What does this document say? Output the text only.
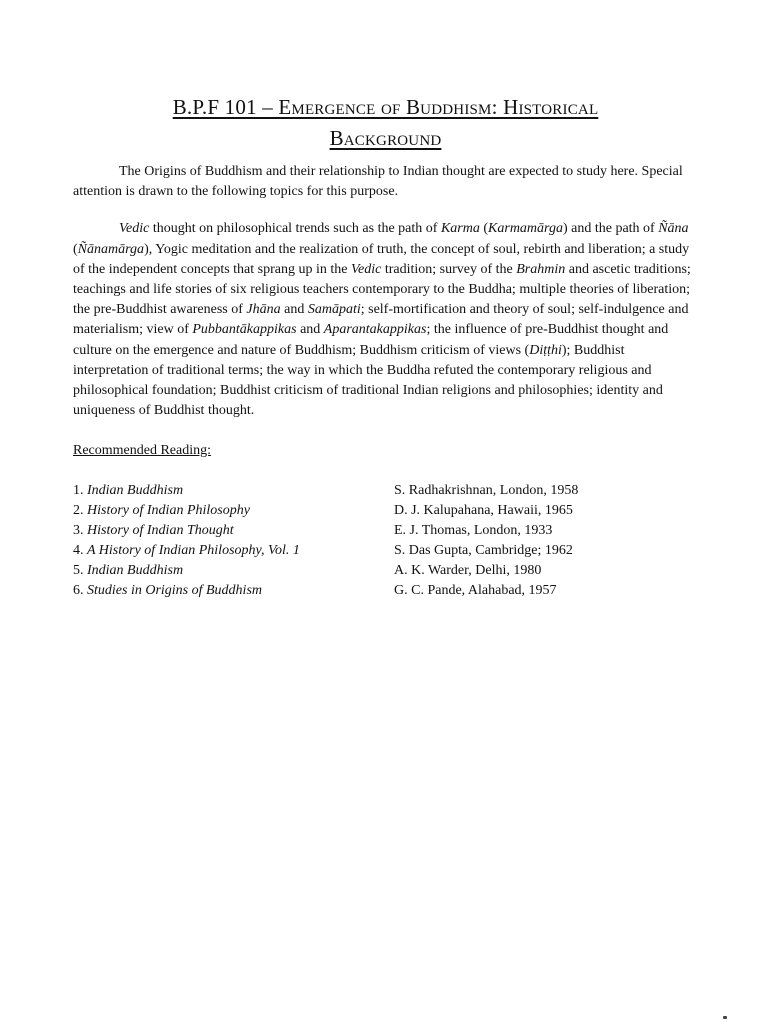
B.P.F 101 – Emergence of Buddhism: Historical
Background

The Origins of Buddhism and their relationship to Indian thought are expected to study here. Special attention is drawn to the following topics for this purpose.

Vedic thought on philosophical trends such as the path of Karma (Karmamārga) and the path of Ñāna (Ñānamārga), Yogic meditation and the realization of truth, the concept of soul, rebirth and liberation; a study of the independent concepts that sprang up in the Vedic tradition; survey of the Brahmin and ascetic traditions; teachings and life stories of six religious teachers contemporary to the Buddha; multiple theories of liberation; the pre-Buddhist awareness of Jhāna and Samāpati; self-mortification and theory of soul; self-indulgence and materialism; view of Pubbantākappikas and Aparantakappikas; the influence of pre-Buddhist thought and culture on the emergence and nature of Buddhism; Buddhism criticism of views (Diṭṭhi); Buddhist interpretation of traditional terms; the way in which the Buddha refuted the contemporary religious and philosophical foundation; Buddhist criticism of traditional Indian religions and philosophies; identity and uniqueness of Buddhist thought.

Recommended Reading:

1. Indian Buddhism	S. Radhakrishnan, London, 1958
2. History of Indian Philosophy	D. J. Kalupahana, Hawaii, 1965
3. History of Indian Thought	E. J. Thomas, London, 1933
4. A History of Indian Philosophy, Vol. 1	S. Das Gupta, Cambridge; 1962
5. Indian Buddhism	A. K. Warder, Delhi, 1980
6. Studies in Origins of Buddhism	G. C. Pande, Alahabad, 1957
